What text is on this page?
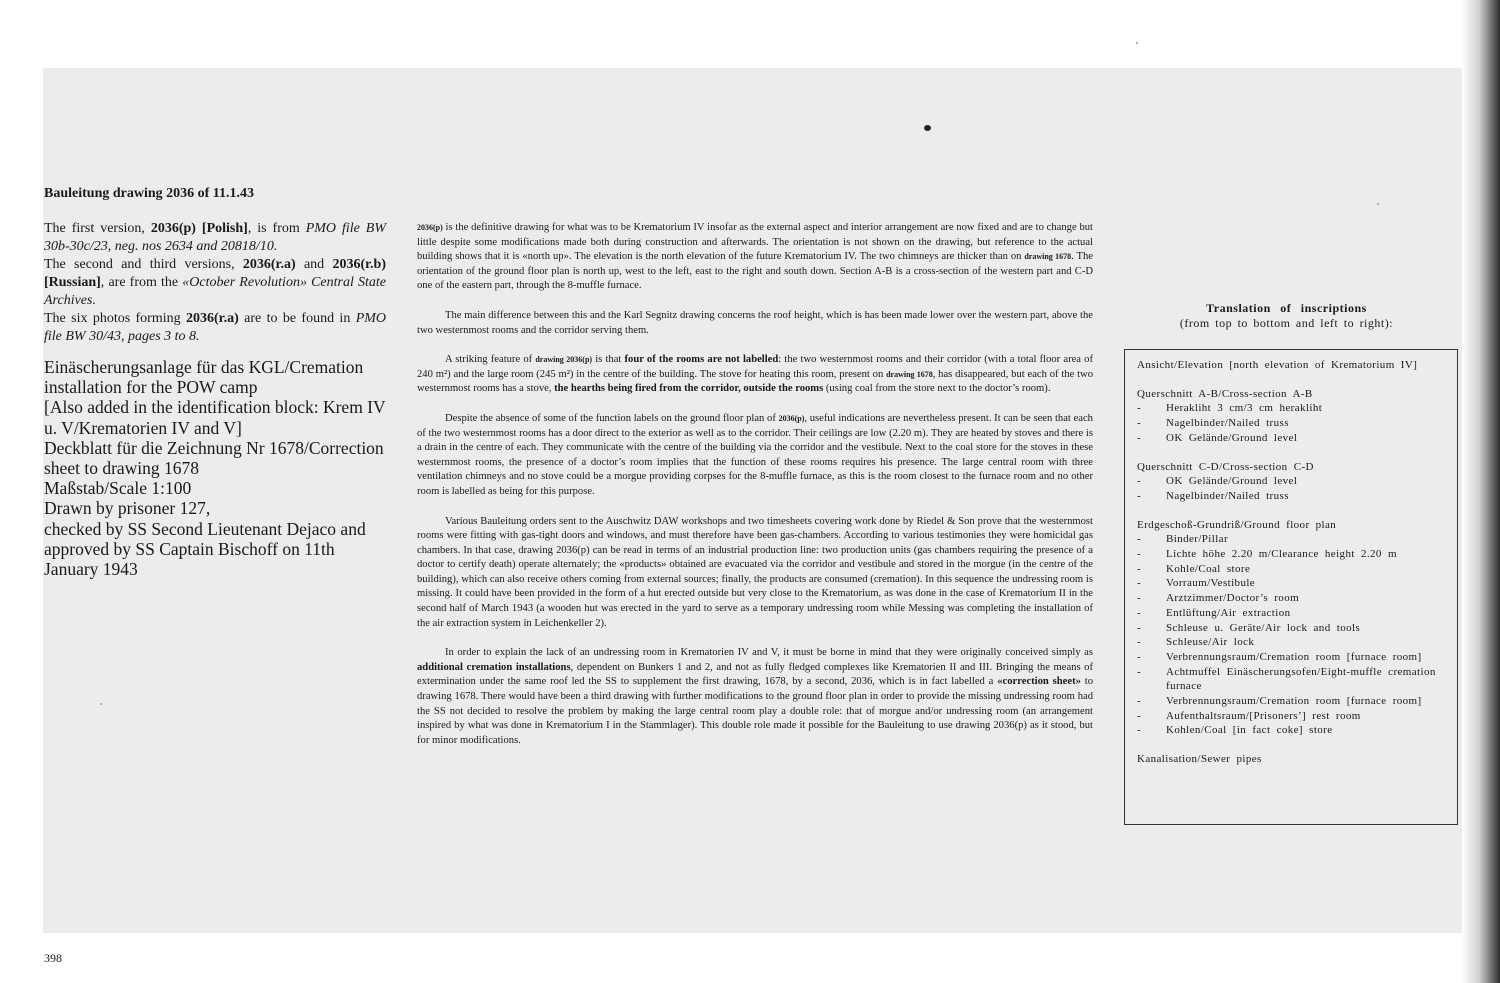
Bauleitung drawing 2036 of 11.1.43

The first version, 2036(p) [Polish], is from PMO file BW 30b-30c/23, neg. nos 2634 and 20818/10.

The second and third versions, 2036(r.a) and 2036(r.b) [Russian], are from the «October Revolution» Central State Archives.

The six photos forming 2036(r.a) are to be found in PMO file BW 30/43, pages 3 to 8.

Einäscherungsanlage für das KGL/Cremation installation for the POW camp
[Also added in the identification block: Krem IV u. V/Krematorien IV and V]
Deckblatt für die Zeichnung Nr 1678/Correction sheet to drawing 1678
Maßstab/Scale 1:100
Drawn by prisoner 127,
checked by SS Second Lieutenant Dejaco and approved by SS Captain Bischoff on 11th January 1943

2036(p) is the definitive drawing for what was to be Krematorium IV insofar as the external aspect and interior arrangement are now fixed and are to change but little despite some modifications made both during construction and afterwards. The orientation is not shown on the drawing, but reference to the actual building shows that it is «north up». The elevation is the north elevation of the future Krematorium IV. The two chimneys are thicker than on drawing 1678. The orientation of the ground floor plan is north up, west to the left, east to the right and south down. Section A-B is a cross-section of the western part and C-D one of the eastern part, through the 8-muffle furnace.

The main difference between this and the Karl Segnitz drawing concerns the roof height, which is has been made lower over the western part, above the two westernmost rooms and the corridor serving them.

A striking feature of drawing 2036(p) is that four of the rooms are not labelled: the two westernmost rooms and their corridor (with a total floor area of 240 m²) and the large room (245 m²) in the centre of the building. The stove for heating this room, present on drawing 1678, has disappeared, but each of the two westernmost rooms has a stove, the hearths being fired from the corridor, outside the rooms (using coal from the store next to the doctor’s room).

Despite the absence of some of the function labels on the ground floor plan of 2036(p), useful indications are nevertheless present. It can be seen that each of the two westernmost rooms has a door direct to the exterior as well as to the corridor. Their ceilings are low (2.20 m). They are heated by stoves and there is a drain in the centre of each. They communicate with the centre of the building via the corridor and the vestibule. Next to the coal store for the stoves in these westernmost rooms, the presence of a doctor’s room implies that the function of these rooms requires his presence. The large central room with three ventilation chimneys and no stove could be a morgue providing corpses for the 8-muffle furnace, as this is the room closest to the furnace room and no other room is labelled as being for this purpose.

Various Bauleitung orders sent to the Auschwitz DAW workshops and two timesheets covering work done by Riedel & Son prove that the westernmost rooms were fitting with gas-tight doors and windows, and must therefore have been gas-chambers. According to various testimonies they were homicidal gas chambers. In that case, drawing 2036(p) can be read in terms of an industrial production line: two production units (gas chambers requiring the presence of a doctor to certify death) operate alternately; the «products» obtained are evacuated via the corridor and vestibule and stored in the morgue (in the centre of the building), which can also receive others coming from external sources; finally, the products are consumed (cremation). In this sequence the undressing room is missing. It could have been provided in the form of a hut erected outside but very close to the Krematorium, as was done in the case of Krematorium II in the second half of March 1943 (a wooden hut was erected in the yard to serve as a temporary undressing room while Messing was completing the installation of the air extraction system in Leichenkeller 2).

In order to explain the lack of an undressing room in Krematorien IV and V, it must be borne in mind that they were originally conceived simply as additional cremation installations, dependent on Bunkers 1 and 2, and not as fully fledged complexes like Krematorien II and III. Bringing the means of extermination under the same roof led the SS to supplement the first drawing, 1678, by a second, 2036, which is in fact labelled a «correction sheet» to drawing 1678. There would have been a third drawing with further modifications to the ground floor plan in order to provide the missing undressing room had the SS not decided to resolve the problem by making the large central room play a double role: that of morgue and/or undressing room (an arrangement inspired by what was done in Krematorium I in the Stammlager). This double role made it possible for the Bauleitung to use drawing 2036(p) as it stood, but for minor modifications.

Translation of inscriptions
(from top to bottom and left to right):
Ansicht/Elevation [north elevation of Krematorium IV]
Querschnitt A-B/Cross-section A-B
- Herakliht 3 cm/3 cm herakliht
- Nagelbinder/Nailed truss
- OK Gelände/Ground level
Querschnitt C-D/Cross-section C-D
- OK Gelände/Ground level
- Nagelbinder/Nailed truss
Erdgeschoß-Grundriß/Ground floor plan
- Binder/Pillar
- Lichte höhe 2.20 m/Clearance height 2.20 m
- Kohle/Coal store
- Vorraum/Vestibule
- Arztzimmer/Doctor’s room
- Entlüftung/Air extraction
- Schleuse u. Geräte/Air lock and tools
- Schleuse/Air lock
- Verbrennungsraum/Cremation room [furnace room]
- Achtmuffel Einäscherungsofen/Eight-muffle cremation furnace
- Verbrennungsraum/Cremation room [furnace room]
- Aufenthaltsraum/[Prisoners’] rest room
- Kohlen/Coal [in fact coke] store
Kanalisation/Sewer pipes
398
